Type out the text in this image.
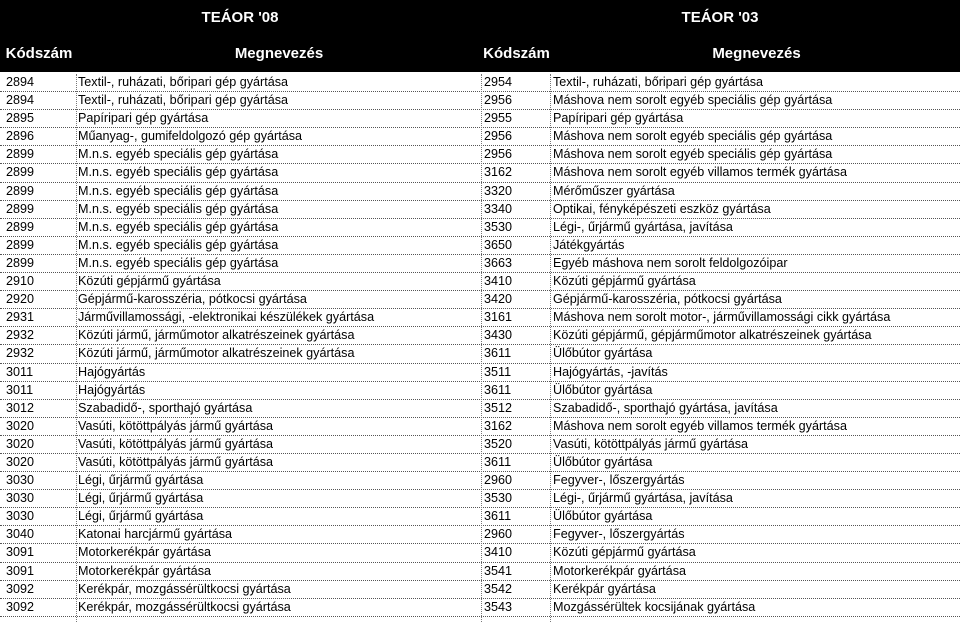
TEÁOR '08	TEÁOR '03
Kódszám	Megnevezés	Kódszám	Megnevezés
2894	Textil-, ruházati, bőripari gép gyártása	2954	Textil-, ruházati, bőripari gép gyártása
2894	Textil-, ruházati, bőripari gép gyártása	2956	Máshova nem sorolt egyéb speciális gép gyártása
2895	Papíripari gép gyártása	2955	Papíripari gép gyártása
2896	Műanyag-, gumifeldolgozó gép gyártása	2956	Máshova nem sorolt egyéb speciális gép gyártása
2899	M.n.s. egyéb speciális gép gyártása	2956	Máshova nem sorolt egyéb speciális gép gyártása
2899	M.n.s. egyéb speciális gép gyártása	3162	Máshova nem sorolt egyéb villamos termék gyártása
2899	M.n.s. egyéb speciális gép gyártása	3320	Mérőműszer gyártása
2899	M.n.s. egyéb speciális gép gyártása	3340	Optikai, fényképészeti eszköz gyártása
2899	M.n.s. egyéb speciális gép gyártása	3530	Légi-, űrjármű gyártása, javítása
2899	M.n.s. egyéb speciális gép gyártása	3650	Játékgyártás
2899	M.n.s. egyéb speciális gép gyártása	3663	Egyéb máshova nem sorolt feldolgozóipar
2910	Közúti gépjármű gyártása	3410	Közúti gépjármű gyártása
2920	Gépjármű-karosszéria, pótkocsi gyártása	3420	Gépjármű-karosszéria, pótkocsi gyártása
2931	Járművillamossági, -elektronikai készülékek gyártása	3161	Máshova nem sorolt motor-, járművillamossági cikk gyártása
2932	Közúti jármű, járműmotor alkatrészeinek gyártása	3430	Közúti gépjármű, gépjárműmotor alkatrészeinek gyártása
2932	Közúti jármű, járműmotor alkatrészeinek gyártása	3611	Ülőbútor gyártása
3011	Hajógyártás	3511	Hajógyártás, -javítás
3011	Hajógyártás	3611	Ülőbútor gyártása
3012	Szabadidő-, sporthajó gyártása	3512	Szabadidő-, sporthajó gyártása, javítása
3020	Vasúti, kötöttpályás jármű gyártása	3162	Máshova nem sorolt egyéb villamos termék gyártása
3020	Vasúti, kötöttpályás jármű gyártása	3520	Vasúti, kötöttpályás jármű gyártása
3020	Vasúti, kötöttpályás jármű gyártása	3611	Ülőbútor gyártása
3030	Légi, űrjármű gyártása	2960	Fegyver-, lőszergyártás
3030	Légi, űrjármű gyártása	3530	Légi-, űrjármű gyártása, javítása
3030	Légi, űrjármű gyártása	3611	Ülőbútor gyártása
3040	Katonai harcjármű gyártása	2960	Fegyver-, lőszergyártás
3091	Motorkerékpár gyártása	3410	Közúti gépjármű gyártása
3091	Motorkerékpár gyártása	3541	Motorkerékpár gyártása
3092	Kerékpár, mozgássérültkocsi gyártása	3542	Kerékpár gyártása
3092	Kerékpár, mozgássérültkocsi gyártása	3543	Mozgássérültek kocsijának gyártása
